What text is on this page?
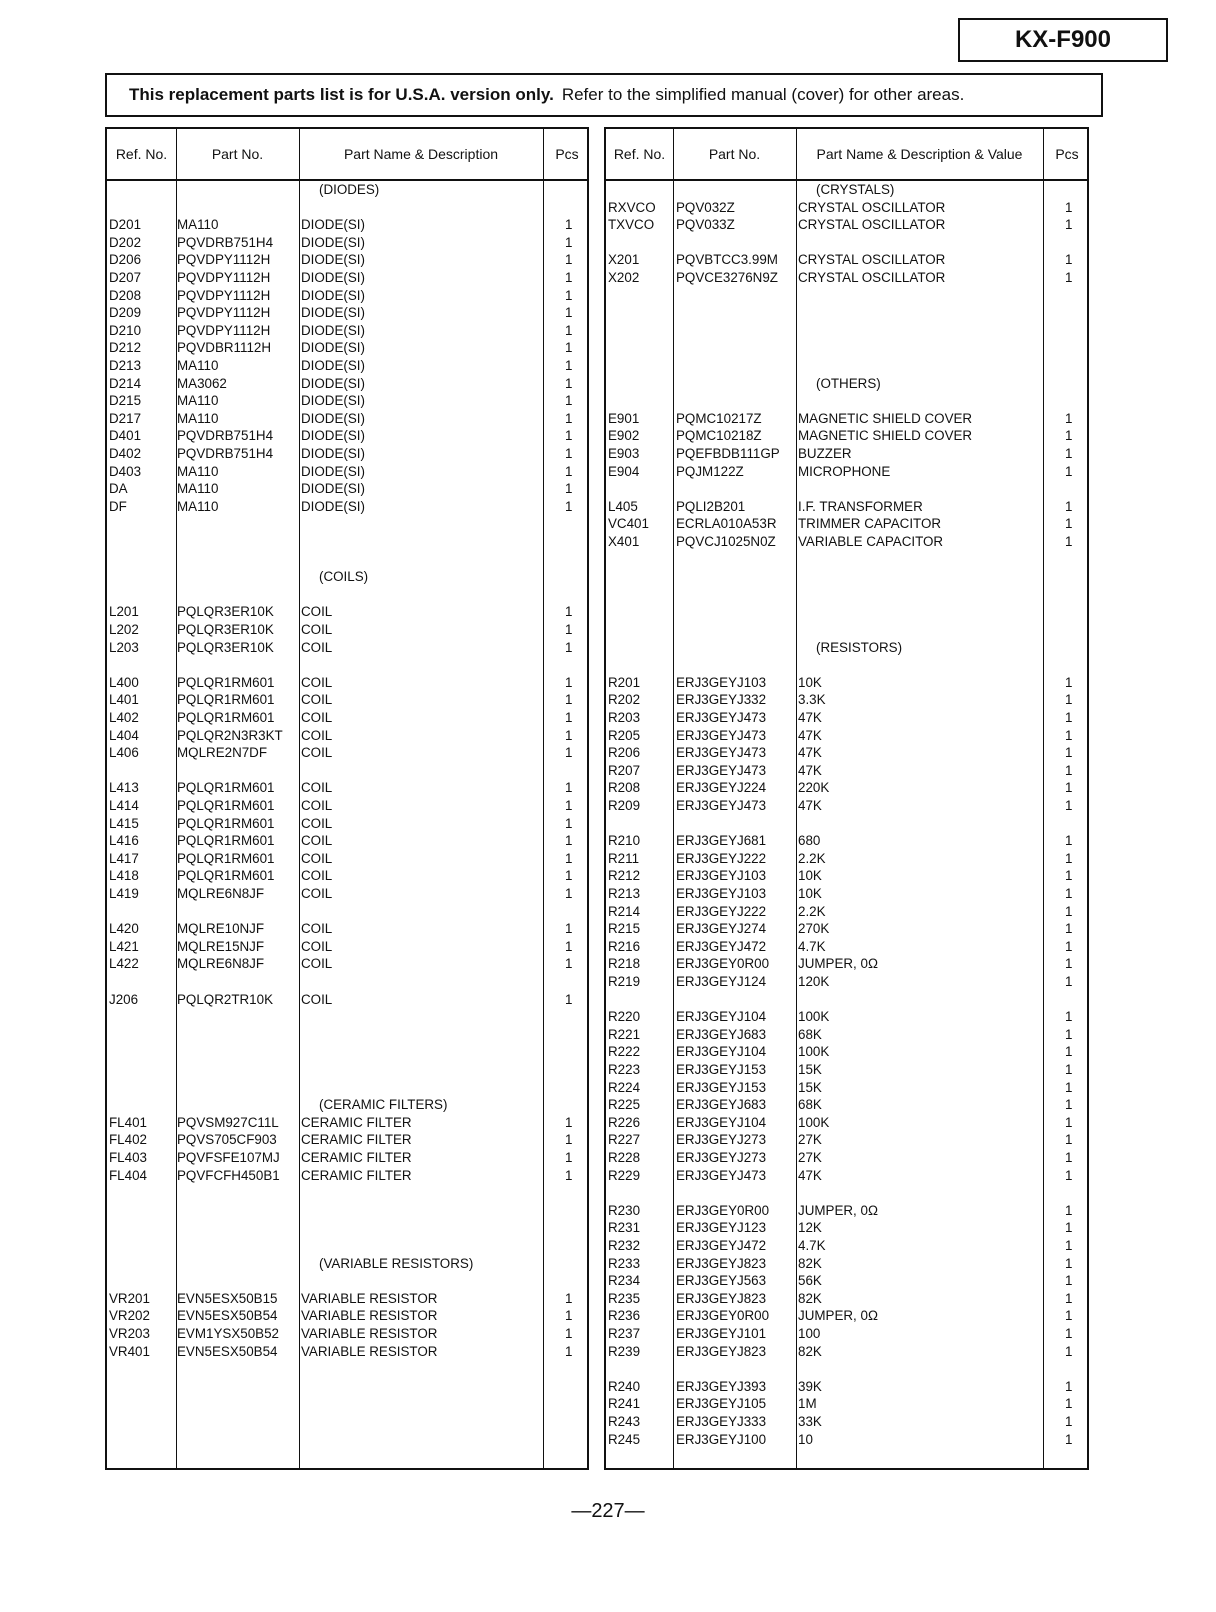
KX-F900
This replacement parts list is for U.S.A. version only. Refer to the simplified manual (cover) for other areas.
Ref. No.	Part No.	Part Name & Description	Pcs
(DIODES)
(COILS)
(CERAMIC FILTERS)
(VARIABLE RESISTORS)
D201	MA110	DIODE(SI)	1
D202	PQVDRB751H4 DIODE(SI)	1
D206	PQVDPY1112H DIODE(SI)	1
D207	PQVDPY1112H DIODE(SI)	1
D208	PQVDPY1112H DIODE(SI)	1
D209	PQVDPY1112H DIODE(SI)	1
D210	PQVDPY1112H DIODE(SI)	1
D212	PQVDBR1112H DIODE(SI)	1
D213	MA110	DIODE(SI)	1
D214	MA3062	DIODE(SI)	1
D215	MA110	DIODE(SI)	1
D217	MA110	DIODE(SI)	1
D401	PQVDRB751H4 DIODE(SI)	1
D402	PQVDRB751H4 DIODE(SI)	1
D403	MA110	DIODE(SI)	1
DA	MA110	DIODE(SI)	1
DF	MA110	DIODE(SI)	1
L201	PQLQR3ER10K COIL	1
L202	PQLQR3ER10K COIL	1
L203	PQLQR3ER10K COIL	1
L400	PQLQR1RM601 COIL	1
L401	PQLQR1RM601 COIL	1
L402	PQLQR1RM601 COIL	1
L404	PQLQR2N3R3KT COIL	1
L406	MQLRE2N7DF	COIL	1
L413	PQLQR1RM601 COIL	1
L414	PQLQR1RM601 COIL	1
L415	PQLQR1RM601 COIL	1
L416	PQLQR1RM601 COIL	1
L417	PQLQR1RM601 COIL	1
L418	PQLQR1RM601 COIL	1
L419	MQLRE6N8JF	COIL	1
L420	MQLRE10NJF	COIL	1
L421	MQLRE15NJF	COIL	1
L422	MQLRE6N8JF	COIL	1
J206	PQLQR2TR10K COIL	1
FL401 PQVSM927C11L CERAMIC FILTER	1
FL402 PQVS705CF903 CERAMIC FILTER	1
FL403 PQVFSFE107MJ CERAMIC FILTER	1
FL404 PQVFCFH450B1 CERAMIC FILTER	1
VR201 EVN5ESX50B15 VARIABLE RESISTOR	1
VR202 EVN5ESX50B54 VARIABLE RESISTOR	1
VR203 EVM1YSX50B52 VARIABLE RESISTOR	1
VR401 EVN5ESX50B54 VARIABLE RESISTOR	1
Ref. No.	Part No.	Part Name & Description & Value	Pcs
(CRYSTALS)
(OTHERS)
(RESISTORS)
RXVCO PQV032Z	CRYSTAL OSCILLATOR	1
TXVCO PQV033Z	CRYSTAL OSCILLATOR	1
X201	PQVBTCC3.99M CRYSTAL OSCILLATOR	1
X202	PQVCE3276N9Z CRYSTAL OSCILLATOR	1
E901	PQMC10217Z	MAGNETIC SHIELD COVER	1
E902	PQMC10218Z	MAGNETIC SHIELD COVER	1
E903	PQEFBDB111GP BUZZER	1
E904	PQJM122Z	MICROPHONE	1
L405	PQLI2B201	I.F. TRANSFORMER	1
VC401 ECRLA010A53R TRIMMER CAPACITOR	1
X401	PQVCJ1025N0Z VARIABLE CAPACITOR	1
R201	ERJ3GEYJ103 10K	1
R202	ERJ3GEYJ332 3.3K	1
R203	ERJ3GEYJ473 47K	1
R205	ERJ3GEYJ473 47K	1
R206	ERJ3GEYJ473 47K	1
R207	ERJ3GEYJ473 47K	1
R208	ERJ3GEYJ224 220K	1
R209	ERJ3GEYJ473 47K	1
R210	ERJ3GEYJ681 680	1
R211	ERJ3GEYJ222 2.2K	1
R212	ERJ3GEYJ103 10K	1
R213	ERJ3GEYJ103 10K	1
R214	ERJ3GEYJ222 2.2K	1
R215	ERJ3GEYJ274 270K	1
R216	ERJ3GEYJ472 4.7K	1
R218	ERJ3GEY0R00 JUMPER, 0Ω	1
R219	ERJ3GEYJ124 120K	1
R220	ERJ3GEYJ104 100K	1
R221	ERJ3GEYJ683 68K	1
R222	ERJ3GEYJ104 100K	1
R223	ERJ3GEYJ153 15K	1
R224	ERJ3GEYJ153 15K	1
R225	ERJ3GEYJ683 68K	1
R226	ERJ3GEYJ104 100K	1
R227	ERJ3GEYJ273 27K	1
R228	ERJ3GEYJ273 27K	1
R229	ERJ3GEYJ473 47K	1
R230	ERJ3GEY0R00 JUMPER, 0Ω	1
R231	ERJ3GEYJ123 12K	1
R232	ERJ3GEYJ472 4.7K	1
R233	ERJ3GEYJ823 82K	1
R234	ERJ3GEYJ563 56K	1
R235	ERJ3GEYJ823 82K	1
R236	ERJ3GEY0R00 JUMPER, 0Ω	1
R237	ERJ3GEYJ101 100	1
R239	ERJ3GEYJ823 82K	1
R240	ERJ3GEYJ393 39K	1
R241	ERJ3GEYJ105 1M	1
R243	ERJ3GEYJ333 33K	1
R245	ERJ3GEYJ100 10	1
—227—
